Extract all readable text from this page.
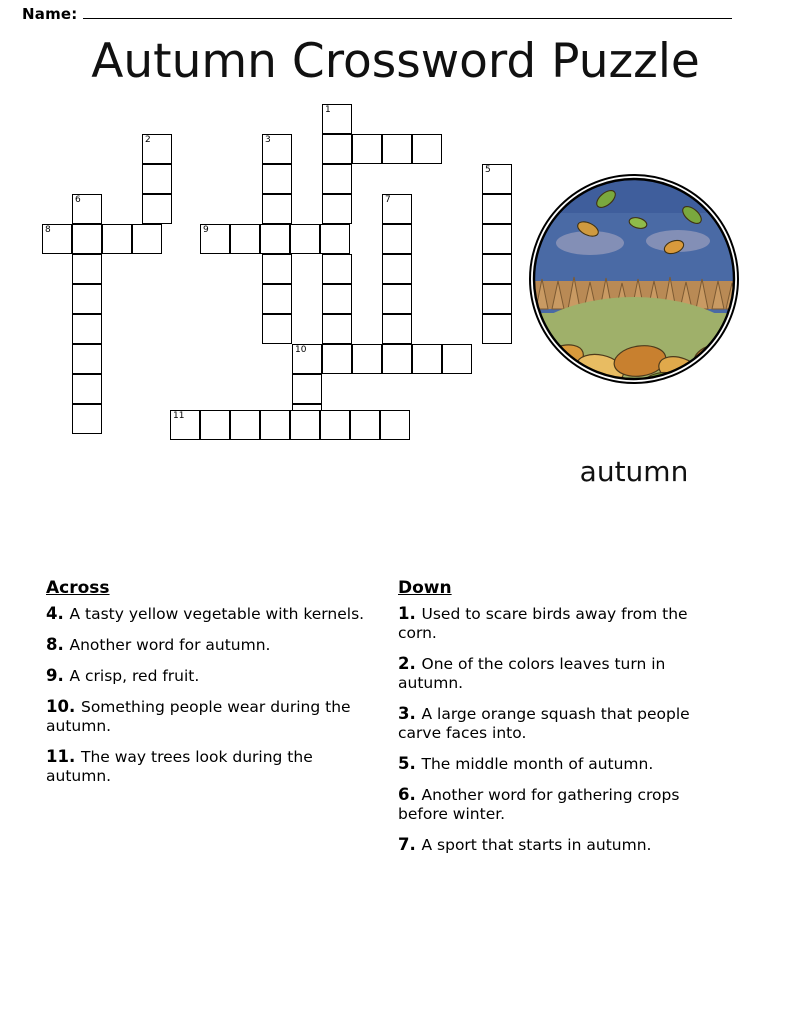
Name:
Autumn Crossword Puzzle
1
2	3
5
6	7
8	9
10
11
autumn
Across
4. A tasty yellow vegetable with kernels.
8. Another word for autumn.
9. A crisp, red fruit.
10. Something people wear during the autumn.
11. The way trees look during the autumn.
Down
1. Used to scare birds away from the corn.
2. One of the colors leaves turn in autumn.
3. A large orange squash that people carve faces into.
5. The middle month of autumn.
6. Another word for gathering crops before winter.
7. A sport that starts in autumn.
